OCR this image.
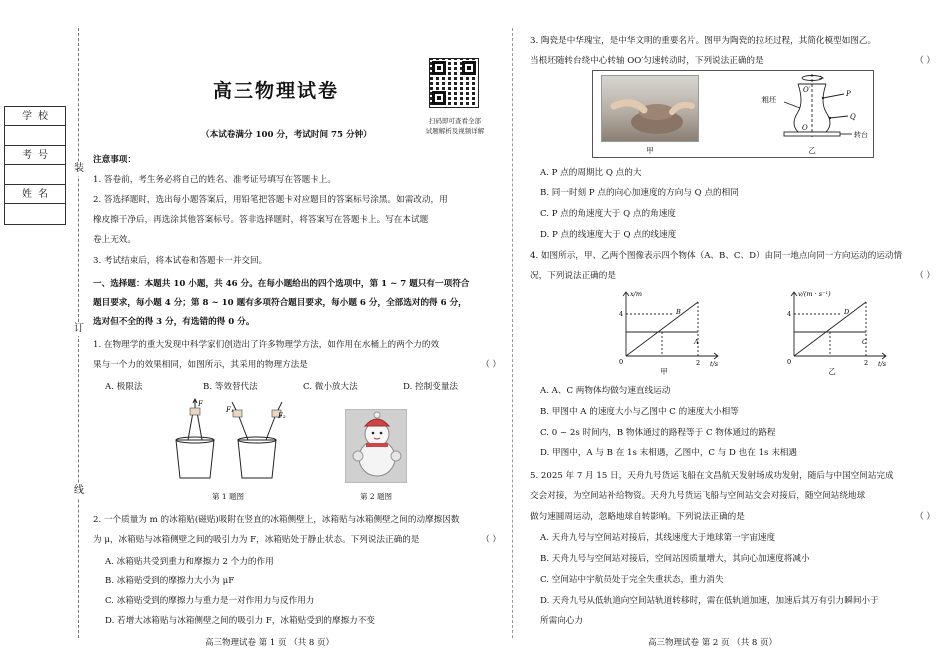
装
订
线
学校
考号
姓名
高三物理试卷
扫码即可查看全部
试题解析及视频详解
（本试卷满分 100 分，考试时间 75 分钟）
注意事项：
1. 答卷前，考生务必将自己的姓名、准考证号填写在答题卡上。
2. 答选择题时，选出每小题答案后，用铅笔把答题卡对应题目的答案标号涂黑。如需改动，用
橡皮擦干净后，再选涂其他答案标号。答非选择题时，将答案写在答题卡上。写在本试题
卷上无效。
3. 考试结束后，将本试卷和答题卡一并交回。
一、选择题：本题共 10 小题，共 46 分。在每小题给出的四个选项中，第 1 ~ 7 题只有一项符合
题目要求，每小题 4 分；第 8 ~ 10 题有多项符合题目要求，每小题 6 分，全部选对的得 6 分，
选对但不全的得 3 分，有选错的得 0 分。
1. 在物理学的重大发现中科学家们创造出了许多物理学方法，如作用在水桶上的两个力的效
果与一个力的效果相同，如图所示，其采用的物理方法是	（ ）
A. 极限法	B. 等效替代法	C. 微小放大法	D. 控制变量法
F
F₁
F₂
第 1 题图	第 2 题图
2. 一个质量为 m 的冰箱贴(磁贴)吸附在竖直的冰箱侧壁上，冰箱贴与冰箱侧壁之间的动摩擦因数
为 μ，冰箱贴与冰箱侧壁之间的吸引力为 F，冰箱贴处于静止状态。下列说法正确的是	（ ）
A. 冰箱贴共受到重力和摩擦力 2 个力的作用
B. 冰箱贴受到的摩擦力大小为 μF
C. 冰箱贴受到的摩擦力与重力是一对作用力与反作用力
D. 若增大冰箱贴与冰箱侧壁之间的吸引力 F，冰箱贴受到的摩擦力不变
高三物理试卷 第 1 页 （共 8 页）
3. 陶瓷是中华瑰宝，是中华文明的重要名片。图甲为陶瓷的拉坯过程，其简化模型如图乙。
当根坯随转台绕中心转轴 OO′匀速转动时，下列说法正确的是	（ ）
甲
粗坯
O′	P
Q
O
转台
乙
A. P 点的周期比 Q 点的大
B. 同一时刻 P 点的向心加速度的方向与 Q 点的相同
C. P 点的角速度大于 Q 点的角速度
D. P 点的线速度大于 Q 点的线速度
4. 如图所示，甲、乙两个图像表示四个物体（A、B、C、D）由同一地点向同一方向运动的运动情
况，下列说法正确的是	（ ）
x/m
t/s
4
2
0
A
B
甲
v/(m · s⁻¹)
t/s
4
2
0
C
D
乙
A. A、C 两物体均做匀速直线运动
B. 甲图中 A 的速度大小与乙图中 C 的速度大小相等
C. 0 ~ 2s 时间内，B 物体通过的路程等于 C 物体通过的路程
D. 甲图中，A 与 B 在 1s 末相遇，乙图中，C 与 D 也在 1s 末相遇
5. 2025 年 7 月 15 日，天舟九号货运飞船在文昌航天发射场成功发射，随后与中国空间站完成
交会对接，为空间站补给物资。天舟九号货运飞船与空间站交会对接后，随空间站绕地球
做匀速圆周运动，忽略地球自转影响。下列说法正确的是	（ ）
A. 天舟九号与空间站对接后，其线速度大于地球第一宇宙速度
B. 天舟九号与空间站对接后，空间站因质量增大，其向心加速度将减小
C. 空间站中宇航员处于完全失重状态，重力消失
D. 天舟九号从低轨道向空间站轨道转移时，需在低轨道加速，加速后其万有引力瞬间小于
所需向心力
高三物理试卷 第 2 页 （共 8 页）
